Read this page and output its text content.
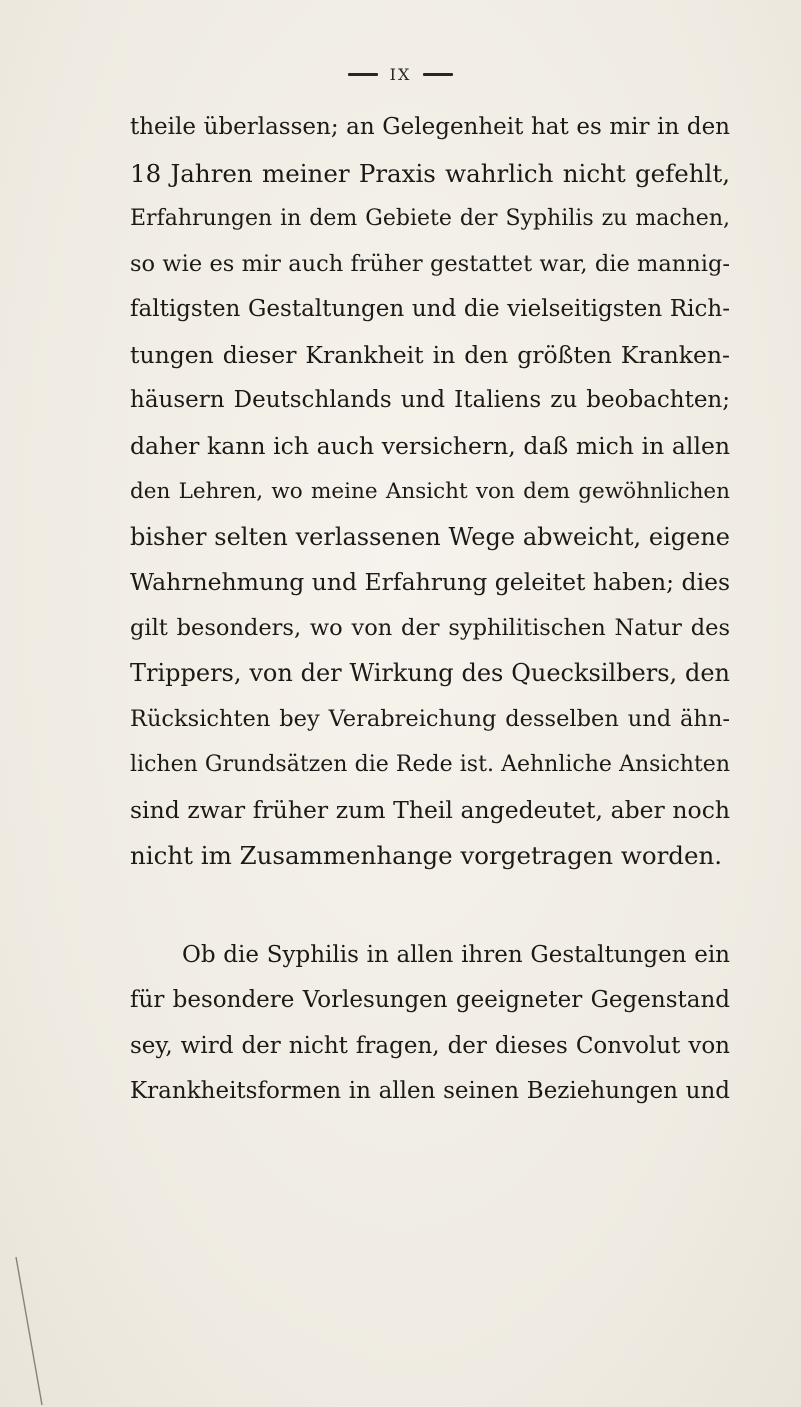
IX
theile überlassen; an Gelegenheit hat es mir in den
18 Jahren meiner Praxis wahrlich nicht gefehlt,
Erfahrungen in dem Gebiete der Syphilis zu machen,
so wie es mir auch früher gestattet war, die mannig-
faltigsten Gestaltungen und die vielseitigsten Rich-
tungen dieser Krankheit in den größten Kranken-
häusern Deutschlands und Italiens zu beobachten;
daher kann ich auch versichern, daß mich in allen
den Lehren, wo meine Ansicht von dem gewöhnlichen
bisher selten verlassenen Wege abweicht, eigene
Wahrnehmung und Erfahrung geleitet haben; dies
gilt besonders, wo von der syphilitischen Natur des
Trippers, von der Wirkung des Quecksilbers, den
Rücksichten bey Verabreichung desselben und ähn-
lichen Grundsätzen die Rede ist. Aehnliche Ansichten
sind zwar früher zum Theil angedeutet, aber noch
nicht im Zusammenhange vorgetragen worden.
Ob die Syphilis in allen ihren Gestaltungen ein
für besondere Vorlesungen geeigneter Gegenstand
sey, wird der nicht fragen, der dieses Convolut von
Krankheitsformen in allen seinen Beziehungen und
